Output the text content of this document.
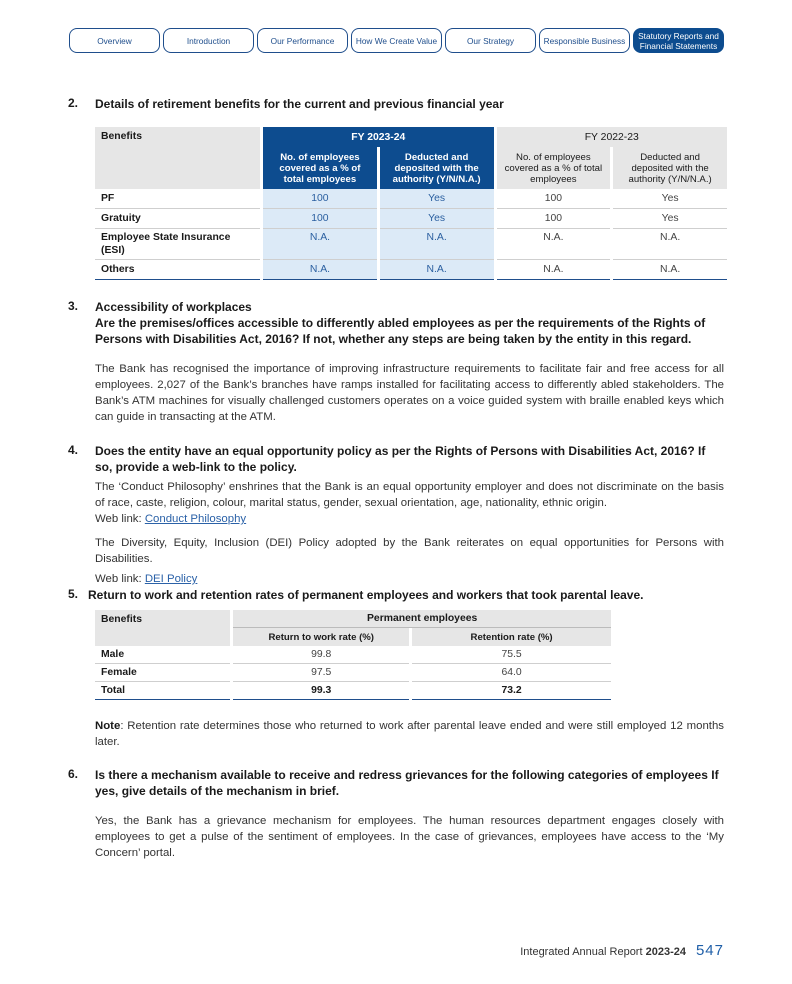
Overview	Introduction	Our Performance	How We Create Value	Our Strategy	Responsible Business	Statutory Reports and
Financial Statements
2. Details of retirement benefits for the current and previous financial year
Benefits	FY 2023-24		FY 2022-23	
	No. of employees covered as a % of total employees	Deducted and deposited with the authority (Y/N/N.A.)	No. of employees covered as a % of total employees	Deducted and deposited with the authority (Y/N/N.A.)
PF	100	Yes	100	Yes
Gratuity	100	Yes	100	Yes
Employee State Insurance (ESI)	N.A.	N.A.	N.A.	N.A.
Others	N.A.	N.A.	N.A.	N.A.
3. Accessibility of workplaces
Are the premises/offices accessible to differently abled employees as per the requirements of the Rights of Persons with Disabilities Act, 2016? If not, whether any steps are being taken by the entity in this regard.
The Bank has recognised the importance of improving infrastructure requirements to facilitate fair and free access for all employees. 2,027 of the Bank’s branches have ramps installed for facilitating access to differently abled stakeholders. The Bank’s ATM machines for visually challenged customers operates on a voice guided system with braille enabled keys which can guide in transacting at the ATM.
4. Does the entity have an equal opportunity policy as per the Rights of Persons with Disabilities Act, 2016? If so, provide a web-link to the policy.
The ‘Conduct Philosophy’ enshrines that the Bank is an equal opportunity employer and does not discriminate on the basis of race, caste, religion, colour, marital status, gender, sexual orientation, age, nationality, ethnic origin.
Web link: Conduct Philosophy
The Diversity, Equity, Inclusion (DEI) Policy adopted by the Bank reiterates on equal opportunities for Persons with Disabilities.
Web link: DEI Policy
5. Return to work and retention rates of permanent employees and workers that took parental leave.
Benefits	Permanent employees	
	Return to work rate (%)	Retention rate (%)
Male	99.8	75.5
Female	97.5	64.0
Total	99.3	73.2
Note: Retention rate determines those who returned to work after parental leave ended and were still employed 12 months later.
6. Is there a mechanism available to receive and redress grievances for the following categories of employees If yes, give details of the mechanism in brief.
Yes, the Bank has a grievance mechanism for employees. The human resources department engages closely with employees to get a pulse of the sentiment of employees. In the case of grievances, employees have access to the ‘My Concern’ portal.
Integrated Annual Report 2023-24 547
